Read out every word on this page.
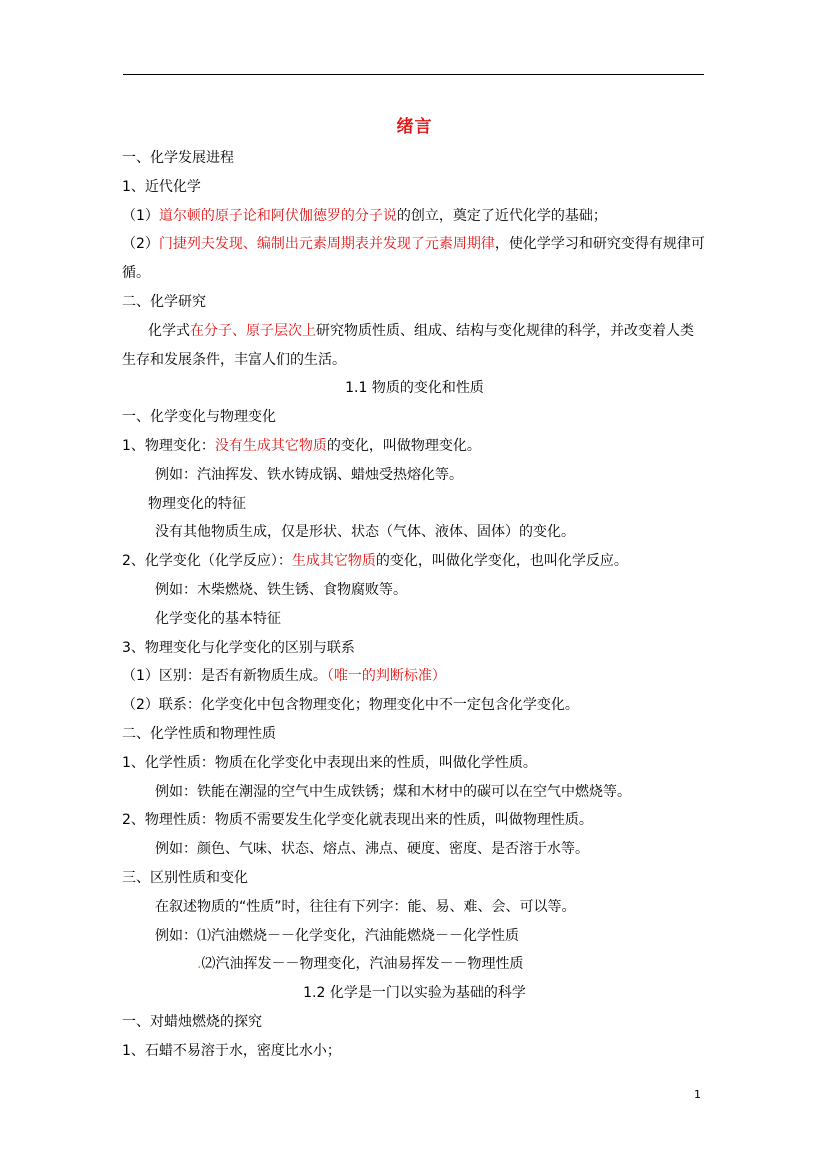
绪言
一、化学发展进程
1、近代化学
（1）道尔顿的原子论和阿伏伽德罗的分子说的创立，奠定了近代化学的基础；
（2）门捷列夫发现、编制出元素周期表并发现了元素周期律，使化学学习和研究变得有规律可循。
二、化学研究
化学式在分子、原子层次上研究物质性质、组成、结构与变化规律的科学，并改变着人类生存和发展条件，丰富人们的生活。
1.1 物质的变化和性质
一、化学变化与物理变化
1、物理变化：没有生成其它物质的变化，叫做物理变化。
例如：汽油挥发、铁水铸成锅、蜡烛受热熔化等。
物理变化的特征
没有其他物质生成，仅是形状、状态（气体、液体、固体）的变化。
2、化学变化（化学反应）：生成其它物质的变化，叫做化学变化，也叫化学反应。
例如：木柴燃烧、铁生锈、食物腐败等。
化学变化的基本特征
3、物理变化与化学变化的区别与联系
（1）区别：是否有新物质生成。（唯一的判断标准）
（2）联系：化学变化中包含物理变化；物理变化中不一定包含化学变化。
二、化学性质和物理性质
1、化学性质：物质在化学变化中表现出来的性质，叫做化学性质。
例如：铁能在潮湿的空气中生成铁锈；煤和木材中的碳可以在空气中燃烧等。
2、物理性质：物质不需要发生化学变化就表现出来的性质，叫做物理性质。
例如：颜色、气味、状态、熔点、沸点、硬度、密度、是否溶于水等。
三、区别性质和变化
在叙述物质的“性质”时，往往有下列字：能、易、难、会、可以等。
例如：⑴汽油燃烧－－化学变化，汽油能燃烧－－化学性质
.⑵汽油挥发－－物理变化，汽油易挥发－－物理性质
1.2 化学是一门以实验为基础的科学
一、对蜡烛燃烧的探究
1、石蜡不易溶于水，密度比水小；
1
